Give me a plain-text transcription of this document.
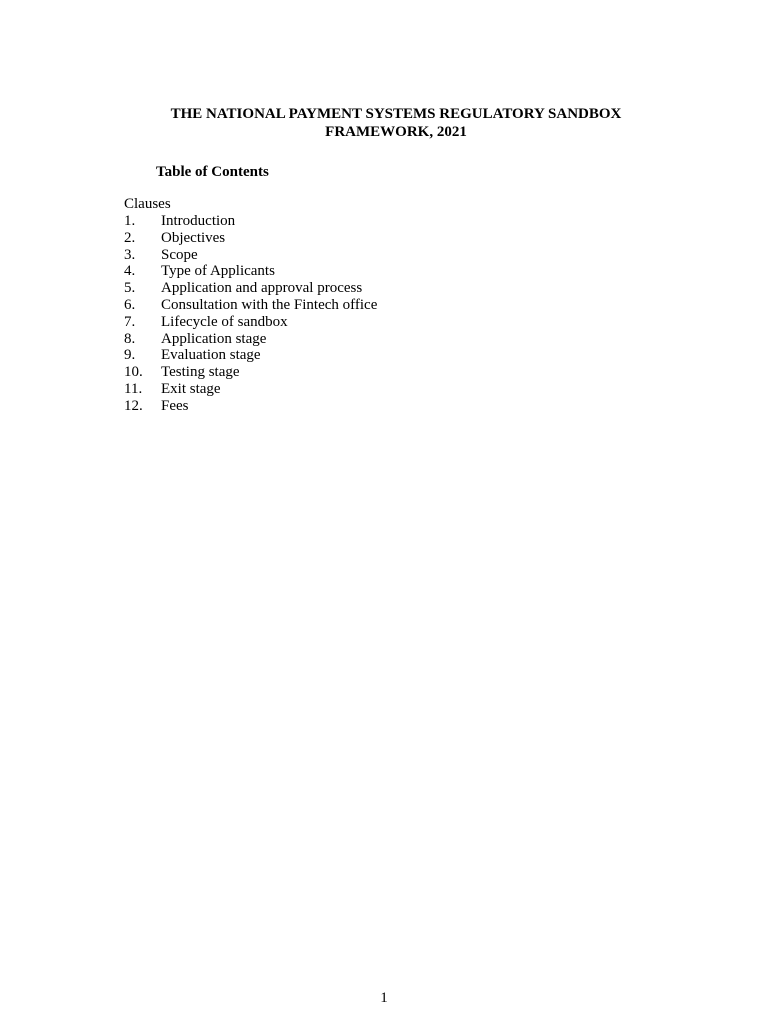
THE NATIONAL PAYMENT SYSTEMS REGULATORY SANDBOX
FRAMEWORK, 2021
Table of Contents
Clauses
1.	Introduction
2.	Objectives
3.	Scope
4.	Type of Applicants
5.	Application and approval process
6.	Consultation with the Fintech office
7.	Lifecycle of sandbox
8.	Application stage
9.	Evaluation stage
10.	Testing stage
11.	Exit stage
12.	Fees
1
